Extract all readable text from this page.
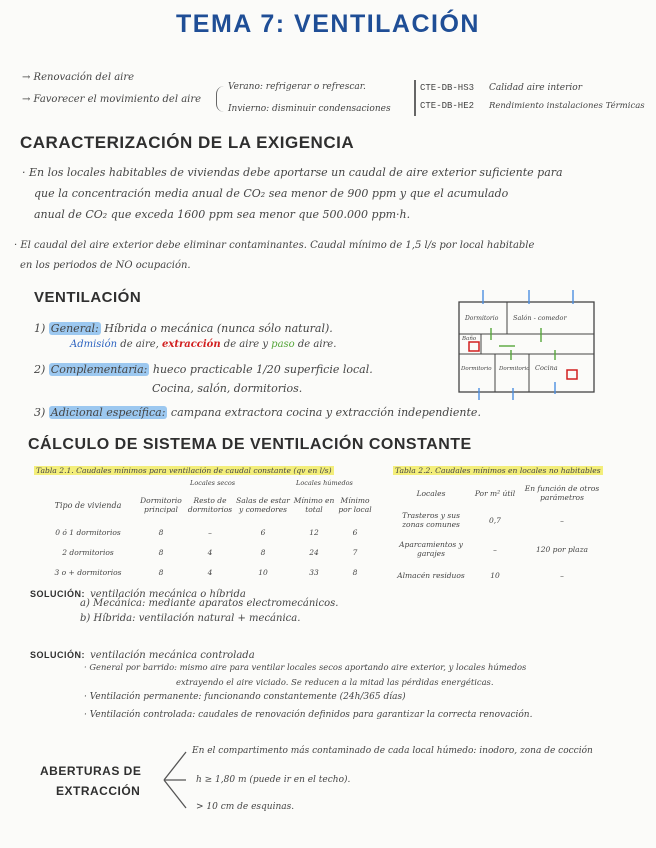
TEMA 7: VENTILACIÓN
→ Renovación del aire
→ Favorecer el movimiento del aire
Verano: refrigerar o refrescar.
Invierno: disminuir condensaciones
CTE-DB-HS3 Calidad aire interior
CTE-DB-HE2 Rendimiento instalaciones Térmicas
CARACTERIZACIÓN DE LA EXIGENCIA
· En los locales habitables de viviendas debe aportarse un caudal de aire exterior suficiente para
que la concentración media anual de CO₂ sea menor de 900 ppm y que el acumulado
anual de CO₂ que exceda 1600 ppm sea menor que 500.000 ppm·h.
· El caudal del aire exterior debe eliminar contaminantes. Caudal mínimo de 1,5 l/s por local habitable
en los periodos de NO ocupación.
VENTILACIÓN
1) General: Híbrida o mecánica (nunca sólo natural).
Admisión de aire, extracción de aire y paso de aire.
2) Complementaria: hueco practicable 1/20 superficie local.
Cocina, salón, dormitorios.
3) Adicional específica: campana extractora cocina y extracción independiente.
Dormitorio Salón - comedor
Baño
Dormitorio Dormitorio Cocina
CÁLCULO DE SISTEMA DE VENTILACIÓN CONSTANTE
Tabla 2.1. Caudales mínimos para ventilación de caudal constante (qv en l/s)	Tabla 2.2. Caudales mínimos en locales no habitables
Locales secos	Locales húmedos
Tipo de vivienda	Dormitorio principal	Resto de dormitorios	Salas de estar y comedores	Mínimo en total	Mínimo por local
0 ó 1 dormitorios	8	–	6	12	6
2 dormitorios	8	4	8	24	7
3 o + dormitorios	8	4	10	33	8
Locales	Por m² útil	En función de otros parámetros
Trasteros y sus zonas comunes	0,7	–
Aparcamientos y garajes	–	120 por plaza
Almacén residuos	10	–
SOLUCIÓN: ventilación mecánica o híbrida
a) Mecánica: mediante aparatos electromecánicos.
b) Híbrida: ventilación natural + mecánica.
SOLUCIÓN: ventilación mecánica controlada
· General por barrido: mismo aire para ventilar locales secos aportando aire exterior, y locales húmedos
extrayendo el aire viciado. Se reducen a la mitad las pérdidas energéticas.
· Ventilación permanente: funcionando constantemente (24h/365 días)
· Ventilación controlada: caudales de renovación definidos para garantizar la correcta renovación.
ABERTURAS DE
EXTRACCIÓN
En el compartimento más contaminado de cada local húmedo: inodoro, zona de cocción
h ≥ 1,80 m (puede ir en el techo).
> 10 cm de esquinas.
